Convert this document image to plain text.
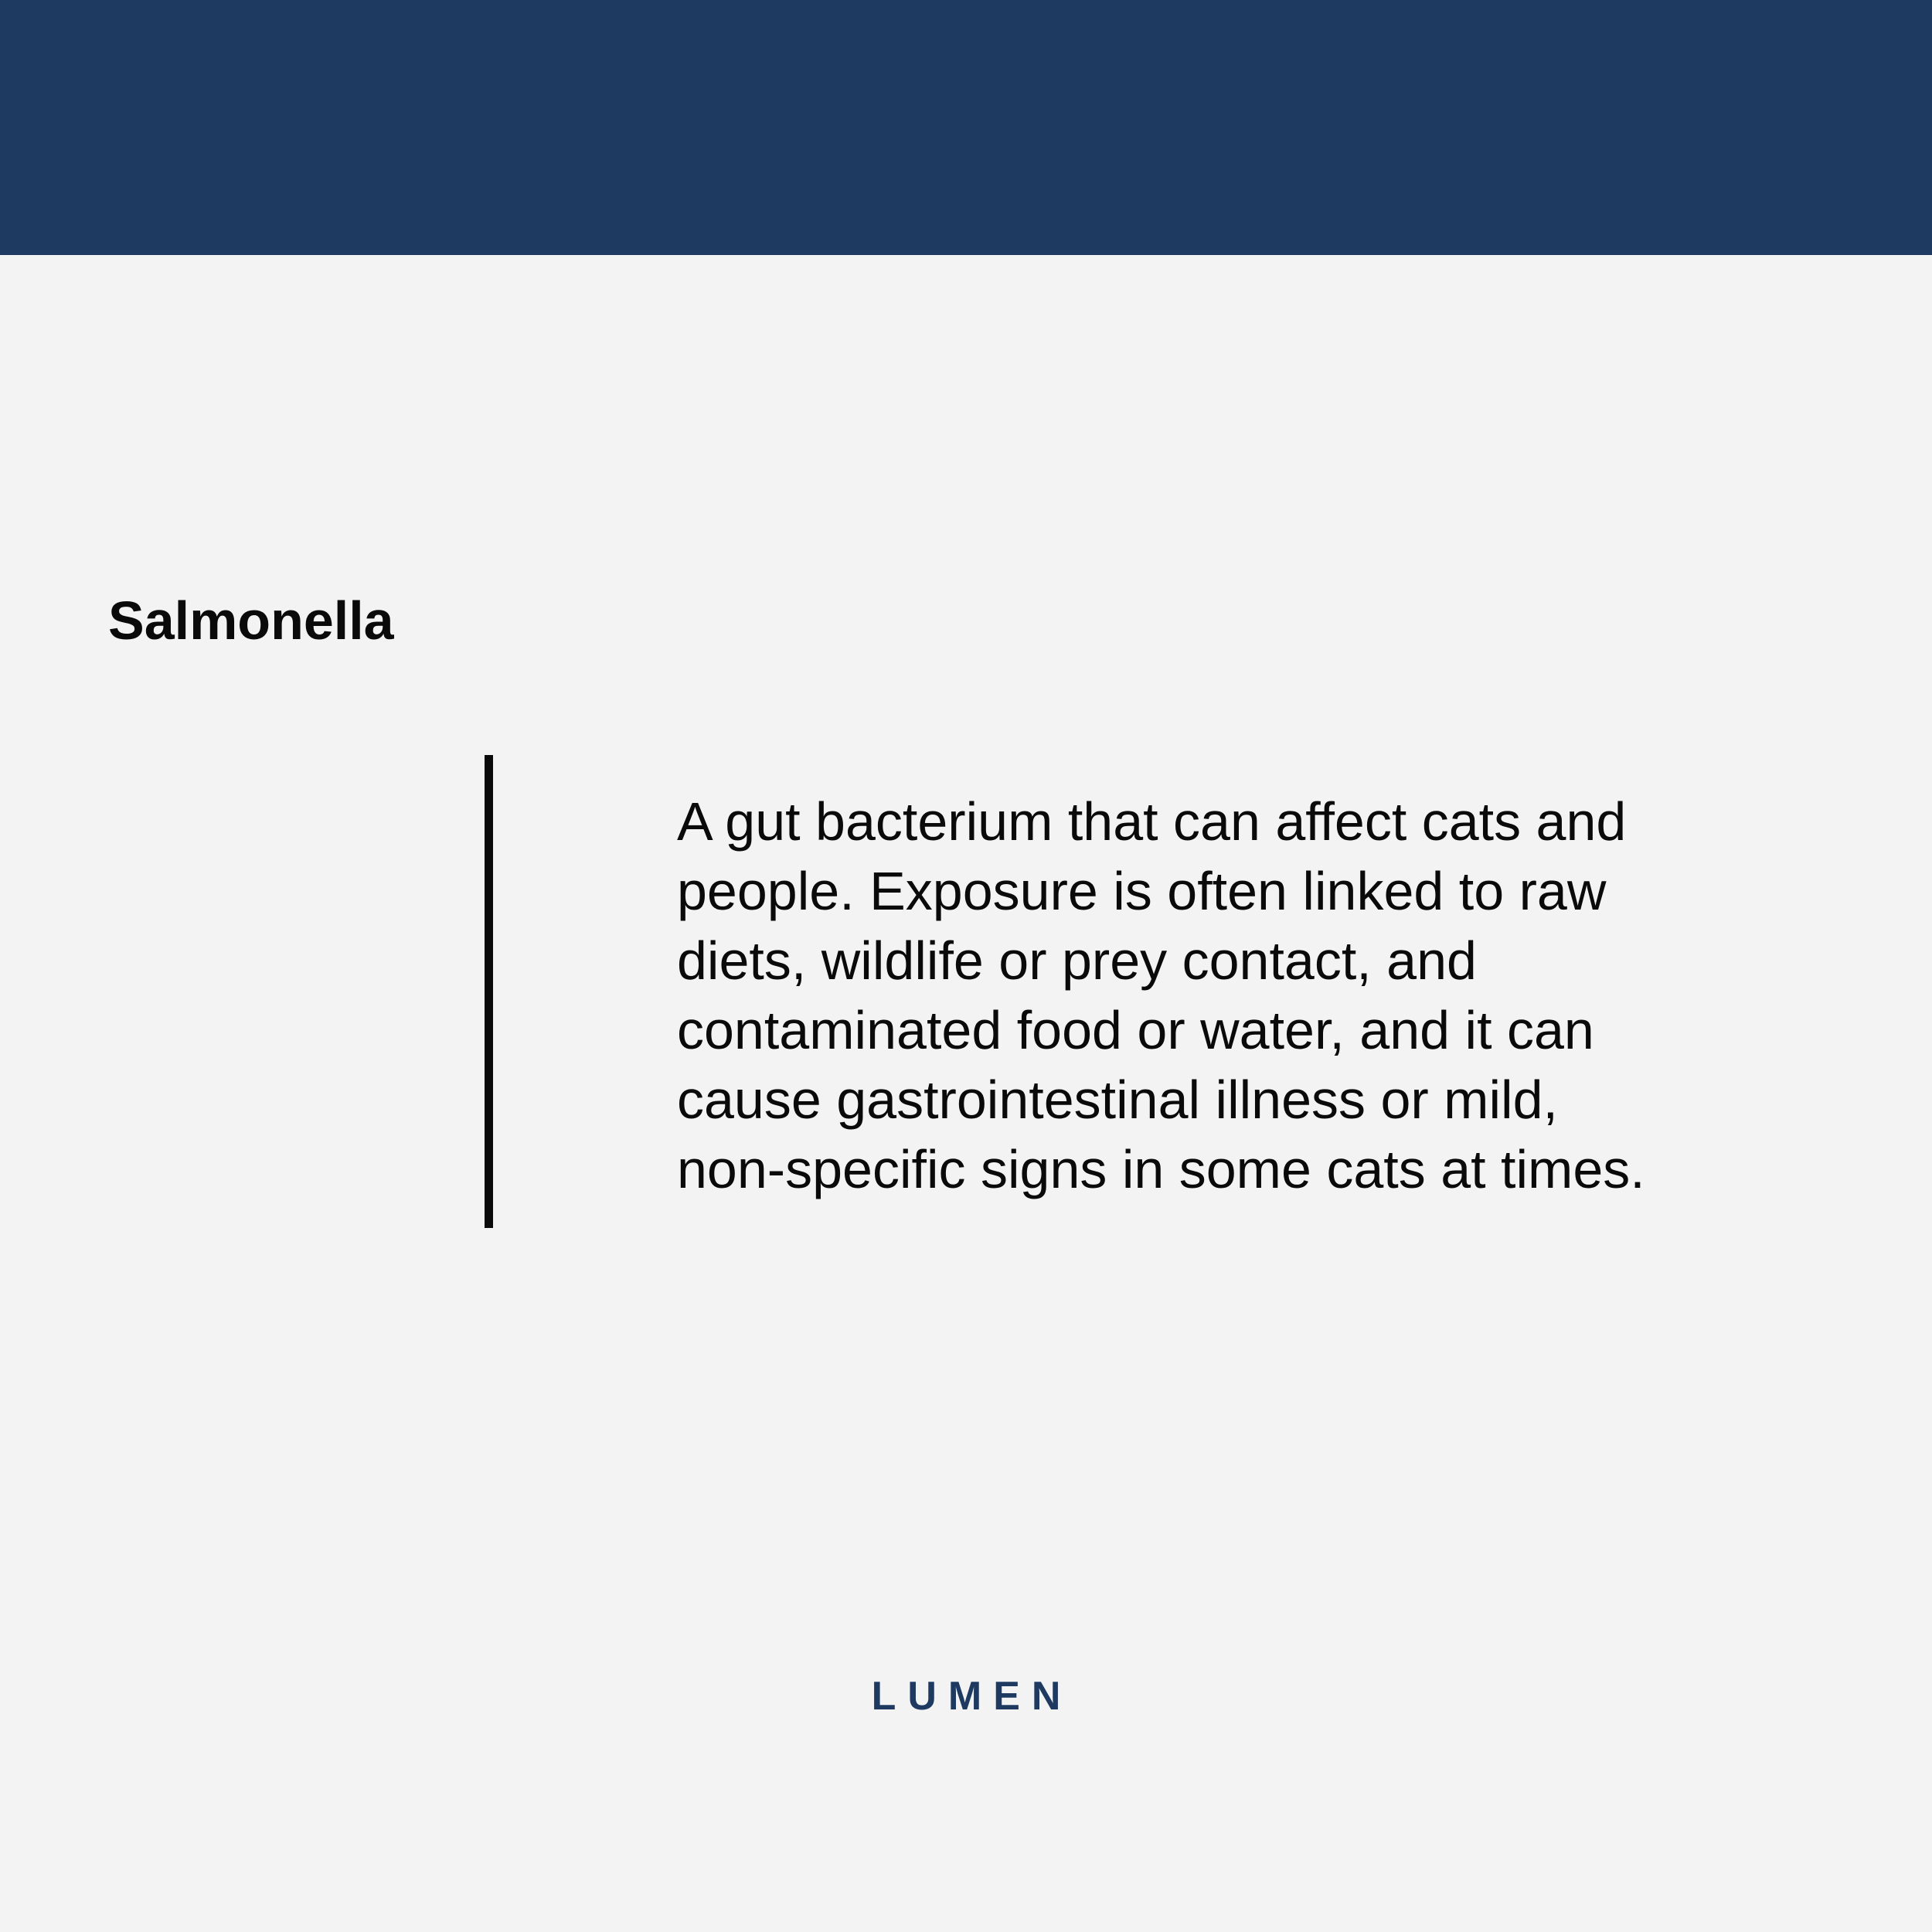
Salmonella

A gut bacterium that can affect cats and
people. Exposure is often linked to raw
diets, wildlife or prey contact, and
contaminated food or water, and it can
cause gastrointestinal illness or mild,
non-specific signs in some cats at times.

LUMEN
